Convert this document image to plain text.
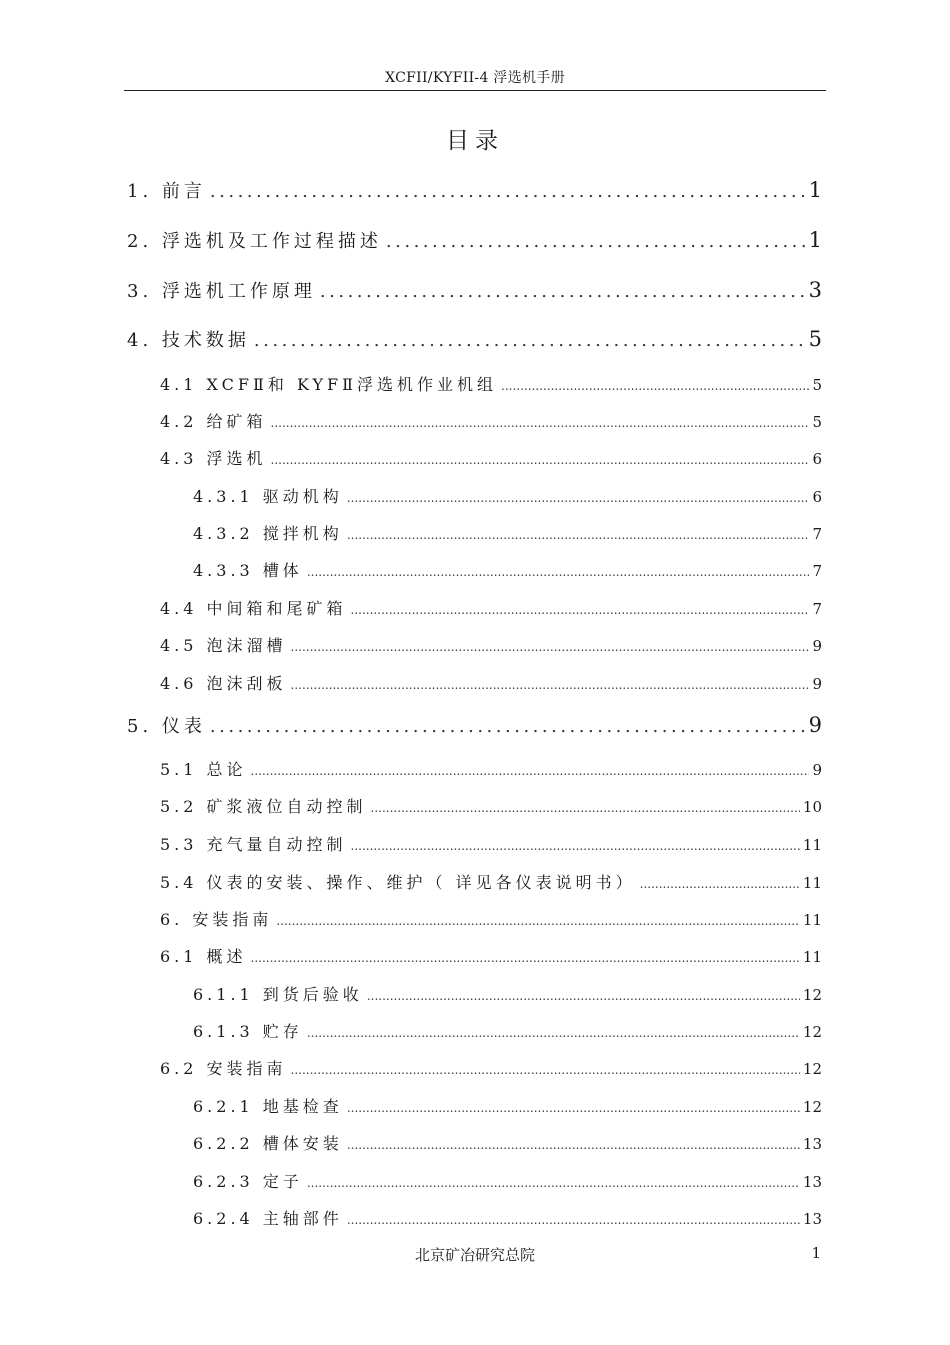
XCFII/KYFII-4 浮选机手册
目录
1. 前言 .....	1
2. 浮选机及工作过程描述 .....	1
3. 浮选机工作原理 .....	3
4. 技术数据 .....	5
4.1 XCFⅡ和 KYFⅡ浮选机作业机组 .....	5
4.2 给矿箱 .....	5
4.3 浮选机 .....	6
4.3.1 驱动机构 .....	6
4.3.2 搅拌机构 .....	7
4.3.3 槽体 .....	7
4.4 中间箱和尾矿箱 .....	7
4.5 泡沫溜槽 .....	9
4.6 泡沫刮板 .....	9
5. 仪表 .....	9
5.1 总论 .....	9
5.2 矿浆液位自动控制 .....	10
5.3 充气量自动控制 .....	11
5.4 仪表的安装、操作、维护（ 详见各仪表说明书） .....	11
6. 安装指南 .....	11
6.1 概述 .....	11
6.1.1 到货后验收 .....	12
6.1.3 贮存 .....	12
6.2 安装指南 .....	12
6.2.1 地基检查 .....	12
6.2.2 槽体安装 .....	13
6.2.3 定子 .....	13
6.2.4 主轴部件 .....	13
北京矿冶研究总院	1
